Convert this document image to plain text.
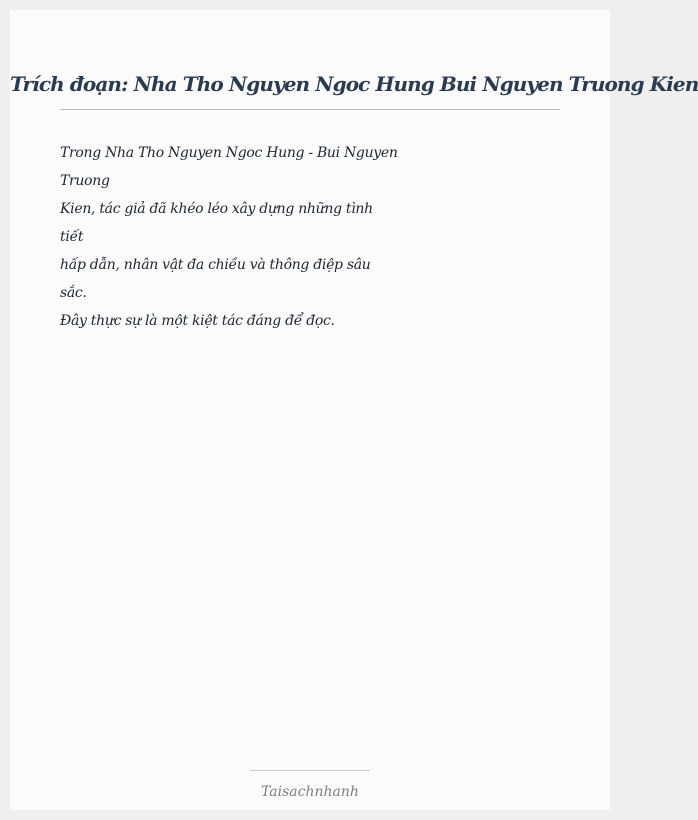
Trích đoạn: Nha Tho Nguyen Ngoc Hung Bui Nguyen Truong Kien
Trong Nha Tho Nguyen Ngoc Hung - Bui Nguyen
Truong
Kien, tác giả đã khéo léo xây dựng những tình
tiết
hấp dẫn, nhân vật đa chiều và thông điệp sâu
sắc.
Đây thực sự là một kiệt tác đáng để đọc.
Taisachnhanh
